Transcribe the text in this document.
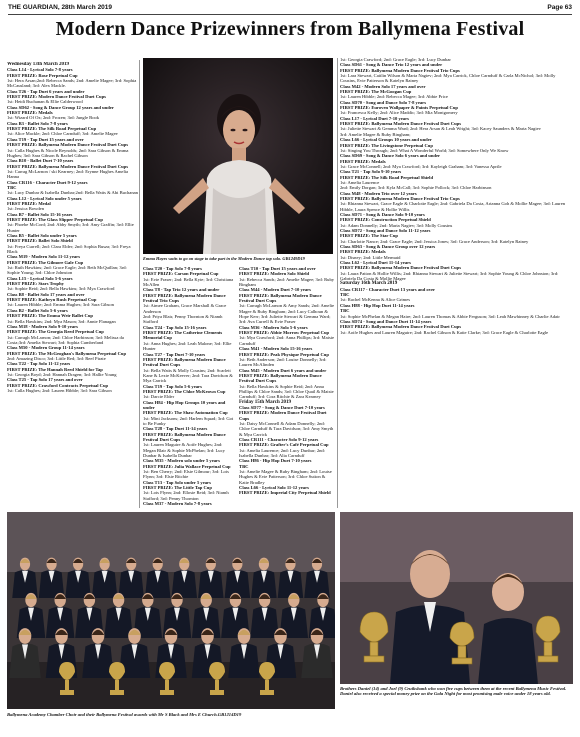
THE GUARDIAN, 28th March 2019	Page 63
Modern Dance Prizewinners from Ballymena Festival

Wednesday 13th March 2019

Class L14 - Lyrical Solo 7-8 years

FIRST PRIZE: Rose Perpetual Cup

1st: Hera Arsan;2nd: Rebecca Sands; 2nd: Amelie Magee; 3rd: Sophia McCausland; 3rd: Alex Mackle.

Class T26 - Tap Duet 6 years and under

FIRST PRIZE: Modern Dance Festival Duet Cups

1st: Heidi Buchanan & Ellie Calderwood

Class SD62 - Song & Dance Group 12 years and under

FIRST PRIZE: Medals

1st: Wizard Of Oz; 2nd: Frozen; 3rd: Jungle Book

Class B3 - Ballet Solo 7-8 years

FIRST PRIZE: The Silk Road Perpetual Cup

1st: Alice Mackle; 2nd: Chloe Carnduff; 3rd: Amelie Magee

Class T19 - Tap Duet 15 years and over

FIRST PRIZE: Ballymena Modern Dance Festival Duet Cups

1st: Calla Hughes & Nicole Reynolds; 2nd: Sara Gibson & Emma Hughes; 3rd: Sara Gibson & Rachel Gibson

Class B10 - Ballet Duet 7-10 years

FIRST PRIZE: Ballymena Modern Dance Festival Duet Cups

1st: Carrag McLarnon / ski Kearney; 2nd: Erynne Hughes Amelia Hanna

Class CR116 - Character Duet 9-12 years

TBC

1st: Lucy Dunbar & Isabella Dunbar;2nd: Bella Watts & Abi Buchanan

Class L12 - Lyrical Solo under 5 years

FIRST PRIZE: Medal

1st: Jessica Bowden

Class B7 - Ballet Solo 15-16 years

FIRST PRIZE: The Glass Slipper Perpetual Cup

1st: Phoebe McCord; 2nd: Abby Smyth; 3rd: Amy Graffin; 3rd: Ellie Hunter

Class B5 - Ballet Solo under 5 years

FIRST PRIZE: Ballet Solo Shield

1st: Freya Currell; 2nd: Clara Elder; 2nd: Sophia Busza; 3rd: Freya Black

Class M19 - Modern Solo 11-12 years

FIRST PRIZE: The Gilmore Gale Cup

1st: Ruth Hawkins; 2nd: Grace Eagle; 2nd: Beth McQuillan; 3rd: Sophie Young; 3rd: Chloe Johnston

Class L15 - Lyrical Solo 5-6 years

FIRST PRIZE: Stars Trophy

1st: Sophie Reid; 2nd: Bella Hawkins; 3rd: Mya Crawford

Class B8 - Ballet Solo 17 years and over

FIRST PRIZE: Kathryn Rush Perpetual Cup

1st: Lauren Hibble; 2nd: Emma Hughes; 3rd: Sara Gibson

Class B2 - Ballet Solo 5-6 years

FIRST PRIZE: The Emma Weir Ballet Cup

1st: Bella Hawkins; 2nd: Mya Mason; 3rd: Annie Flanagan

Class M18 - Modern Solo 9-10 years

FIRST PRIZE: The Georgia Reed Perpetual Cup

1st: Carragh McLarnon; 2nd: Chloe Harbinson; 3rd: Melissa da Costa;3rd: Amelia Stewart; 3rd: Sophia Cumberland

Class M50 - Modern Group 11-14 years

FIRST PRIZE: The McGeoghan's Ballymena Perpetual Cup

2nd: Amazing Disco; 3rd: Little Red; 3rd: Reef Pirate

Class T22 - Tap Solo 11-12 years

FIRST PRIZE: The Hannah Reed Shield for Tap

1st: Georgia Boyd; 2nd: Hannah Dragen; 3rd: Hallie Young

Class T25 - Tap Solo 17 years and over

FIRST PRIZE: Crawford Contracts Perpetual Cup

1st: Calla Hughes; 2nd: Lauren Hibble; 3rd: Sara Gibson

Emma Hayes waits to go on stage to take part in the Modern Dance tap solo. GB1249D19

Class T20 - Tap Solo 7-8 years

FIRST PRIZE: Carson Perpetual Cup

1st: Evie Fraser; 2nd: Bella Kyte; 3rd: Christiana McAllen

Class T8 - Tap Trio 12 years and under

FIRST PRIZE: Ballymena Modern Dance Festival Trio Cups

1st: Aimee Graham, Grace Marshall & Grace Anderson

2nd: Priya Blair, Penny Thornton & Niamh Stafford

Class T24 - Tap Solo 15-16 years

FIRST PRIZE: The Catherine Clements Memorial Cup

1st: Anna Hughes; 2nd: Leah Malone; 3rd: Ellie Hunter

Class T27 - Tap Duet 7-10 years

FIRST PRIZE: Ballymena Modern Dance Festival Duet Cups

1st: Bella Watts & Molly Cousins; 2nd: Scarlett Kane & Lexie McKeever; 2nd: Tara Davidson & Mya Carrick

Class T19 - Tap Solo 5-6 years

FIRST PRIZE: The Chloe McKeown Cup

1st: Darcie Elder

Class H84 - Hip Hop Groups 10 years and under

FIRST PRIZE: The Shaw Automation Cup

1st: Mini Jacksons; 2nd: Harlem Squad; 3rd: Got to Be Funky

Class T28 - Tap Duet 11-14 years

FIRST PRIZE: Ballymena Modern Dance Festival Duet Cups

1st: Lauren Maguire & Aoife Hughes; 2nd: Megan Blair & Sophie McPhelan; 3rd: Lucy Dunbar & Isabella Dunbar

Class M35 - Modern solo under 5 years

FIRST PRIZE: Julia Wallace Perpetual Cup

1st: Ben Cherry; 2nd: Elsie Gilmour; 3rd: Lois Flynn; 3rd: Elsie Ritchie

Class T13 - Tap Solo under 5 years

FIRST PRIZE: The Little Tap Cup

1st: Lois Flynn; 2nd: Ellosie Reid; 3rd: Niamh Stafford; 3rd: Penny Thornton

Class M37 - Modern Solo 7-8 years

Class T10 - Tap Duet 15 years and over

FIRST PRIZE: Modern Solo Shield

1st: Rebecca Sands; 2nd: Amelie Magee; 3rd: Ruby Bingham

Class M44 - Modern Duet 7-10 years

FIRST PRIZE: Ballymena Modern Dance Festival Duet Cups

1st: Carragh McLarnon & Amy Sands; 2nd: Amelie Magee & Ruby Bingham; 2nd: Lucy Calhoun & Hope Kerr; 3rd: Juliette Stewart & Gemma Ward; 3rd: Ava Currell & Evie Fraser

Class M36 - Modern Solo 5-6 years

FIRST PRIZE: Abbie Morrow Perpetual Cup

1st: Mya Crawford; 2nd: Anna Phillips; 3rd: Maisie Carnduff

Class M41 - Modern Solo 15-16 years

FIRST PRIZE: Peak Physique Perpetual Cup

1st: Beth Anderson; 2nd: Louise Donnelly; 3rd: Lauren McAlinden

Class M45 - Modern Duet 6 years and under

FIRST PRIZE: Ballymena Modern Dance Festival Duet Cups

1st: Bella Hawkins & Sophie Reid; 2nd: Anna Phillips & Chloe Sands; 3rd: Chloe Quail & Maisie Carnduff; 3rd: Cora Ritchie & Zara Kearney

Friday 15th March 2019

Class SD77 - Song & Dance Duet 7-10 years

FIRST PRIZE: Modern Dance Festival Duet Cups

1st: Daisy McConnell & Adam Donnelly; 2nd: Chloe Carnduff & Tara Davidson; 3rd: Amy Smyth & Mya Carrick

Class CR111 - Character Solo 9-12 years

FIRST PRIZE: Grafter's Café Perpetual Cup

1st: Amelia Laurence; 2nd: Lucy Dunbar; 2nd: Isabella Dunbar; 3rd: Alia Carnduff

Class H86 - Hip Hop Duet 7-10 years

TBC

1st: Amelie Magee & Ruby Bingham; 2nd: Louise Hughes & Evie Patterson; 3rd: Chloe Sutton & Katie Bradley

Class L66 - Lyrical Solo 11-12 years

FIRST PRIZE: Imperial City Perpetual Shield

1st: Georgia Crawford; 2nd: Grace Eagle; 3rd: Lucy Dunbar

Class SD61 - Song & Dance Trio 12 years and under

FIRST PRIZE: Ballymena Modern Dance Festival Trio Cups

1st: Lara Stewart, Caitlin Wilson & Maria Nagiev; 2nd: Mya Carrick, Chloe Carnduff & Carla McNichol; 3rd: Molly Cousins, Evie Patterson & Katelyn Rainey

Class M42 - Modern Solo 17 years and over

FIRST PRIZE: The McGoogan Cup

1st: Lauren Hibble; 2nd: Rebecca Magee; 3rd: Abbie Price

Class SD70 - Song and Dance Solo 7-8 years

FIRST PRIZE: Euroven Wallpaper & Paints Perpetual Cup

1st: Francesca Kelly; 2nd: Alice Maddic; 3rd: Mia Montgomery

Class L17 - Lyrical Duet 7-10 years

FIRST PRIZE: Ballymena Modern Dance Festival Duet Cups

1st: Juliette Stewart & Gemma Ward; 2nd: Hera Arsan & Leah Wright; 3rd: Kacey Saunders & Maria Nagiev

3rd: Amelie Magee & Ruby Bingham;

Class L66 - Lyrical Groups 10 years and under

FIRST PRIZE: The Livingstone Perpetual Cup

1st: Singing You Through; 2nd: What A Wonderful World; 3rd: Somewhere Only We Know

Class SD69 - Song & Dance Solo 6 years and under

FIRST PRIZE: Medals

1st: Grace McConnell; 2nd: Mya Crawford; 3rd: Kayleigh Graham; 3rd: Vanessa Aprile

Class T21 - Tap Solo 9-10 years

FIRST PRIZE: The Silk Road Perpetual Shield

1st: Amelia Laurence

2nd: Emily Dorgan; 3rd: Kyla McCall; 3rd: Sophie Pollock; 3rd: Chloe Harbinson

Class M48 - Modern Trio over 12 years

FIRST PRIZE: Ballymena Modern Dance Festival Trio Cups

1st: Rhianna Stewart, Grace Eagle & Charlotte Eagle; 2nd: Gabriela Da Costa, Arianna Goh & Mollie Magee; 3rd: Lauren Hibble, Laura Spence & Hollie Willis

Class SD71 - Song & Dance Solo 9-10 years

FIRST PRIZE: Construction Perpetual Shield

1st: Adam Donnelly; 2nd: Maria Nagiev; 3rd: Molly Cousins

Class SD72 - Song and Dance Solo 11-12 years

FIRST PRIZE: The Star Cup

1st: Charlotte Nance; 2nd: Grace Eagle; 2nd: Jessica Jones; 3rd: Grace Anderson; 3rd: Katelyn Rainey

Class SD63 - Song & Dance Group over 12 years

FIRST PRIZE: Medals

1st: Disney; 2nd: Little Mermaid

Class L62 - Lyrical Duet 11-14 years

FIRST PRIZE: Ballymena Modern Dance Festival Duet Cups

1st: Laura Patton & Hollie Willis; 2nd: Rhianna Stewart & Juliette Stewart; 3rd: Sophie Young & Chloe Johnston; 3rd: Gabriela Da Costa & Mollie Magee

Saturday 16th March 2019

Class CR117 - Character Duet 13 years and over

TBC

1st: Rachel McKenna & Alice Grimes

Class H88 - Hip Hop Duet 11-14 years

TBC

1st: Sophie McPhelan & Megan Haire; 2nd: Lauren Thomas & Abbie Ferguson; 3rd: Leah Mawhinney & Charlie Adair

Class SD74 - Song and Dance Duet 11-14 years

FIRST PRIZE: Ballymena Modern Dance Festival Duet Cups

1st: Aoife Hughes and Lauren Maguire; 2nd: Rachel Gibson & Katie Clarke; 3rd: Grace Eagle & Charlotte Eagle

Ballymena Academy Chamber Choir and their Ballymena Festival awards with Mr S Black and Mrs E Church.GB1214D19
Brothers Daniel (14) and Joel (9) Cruikshank who won five cups between them at the recent Ballymena Music Festival. Daniel also received a special money prize on the Gala Night for most promising male voice under 18 years old.
